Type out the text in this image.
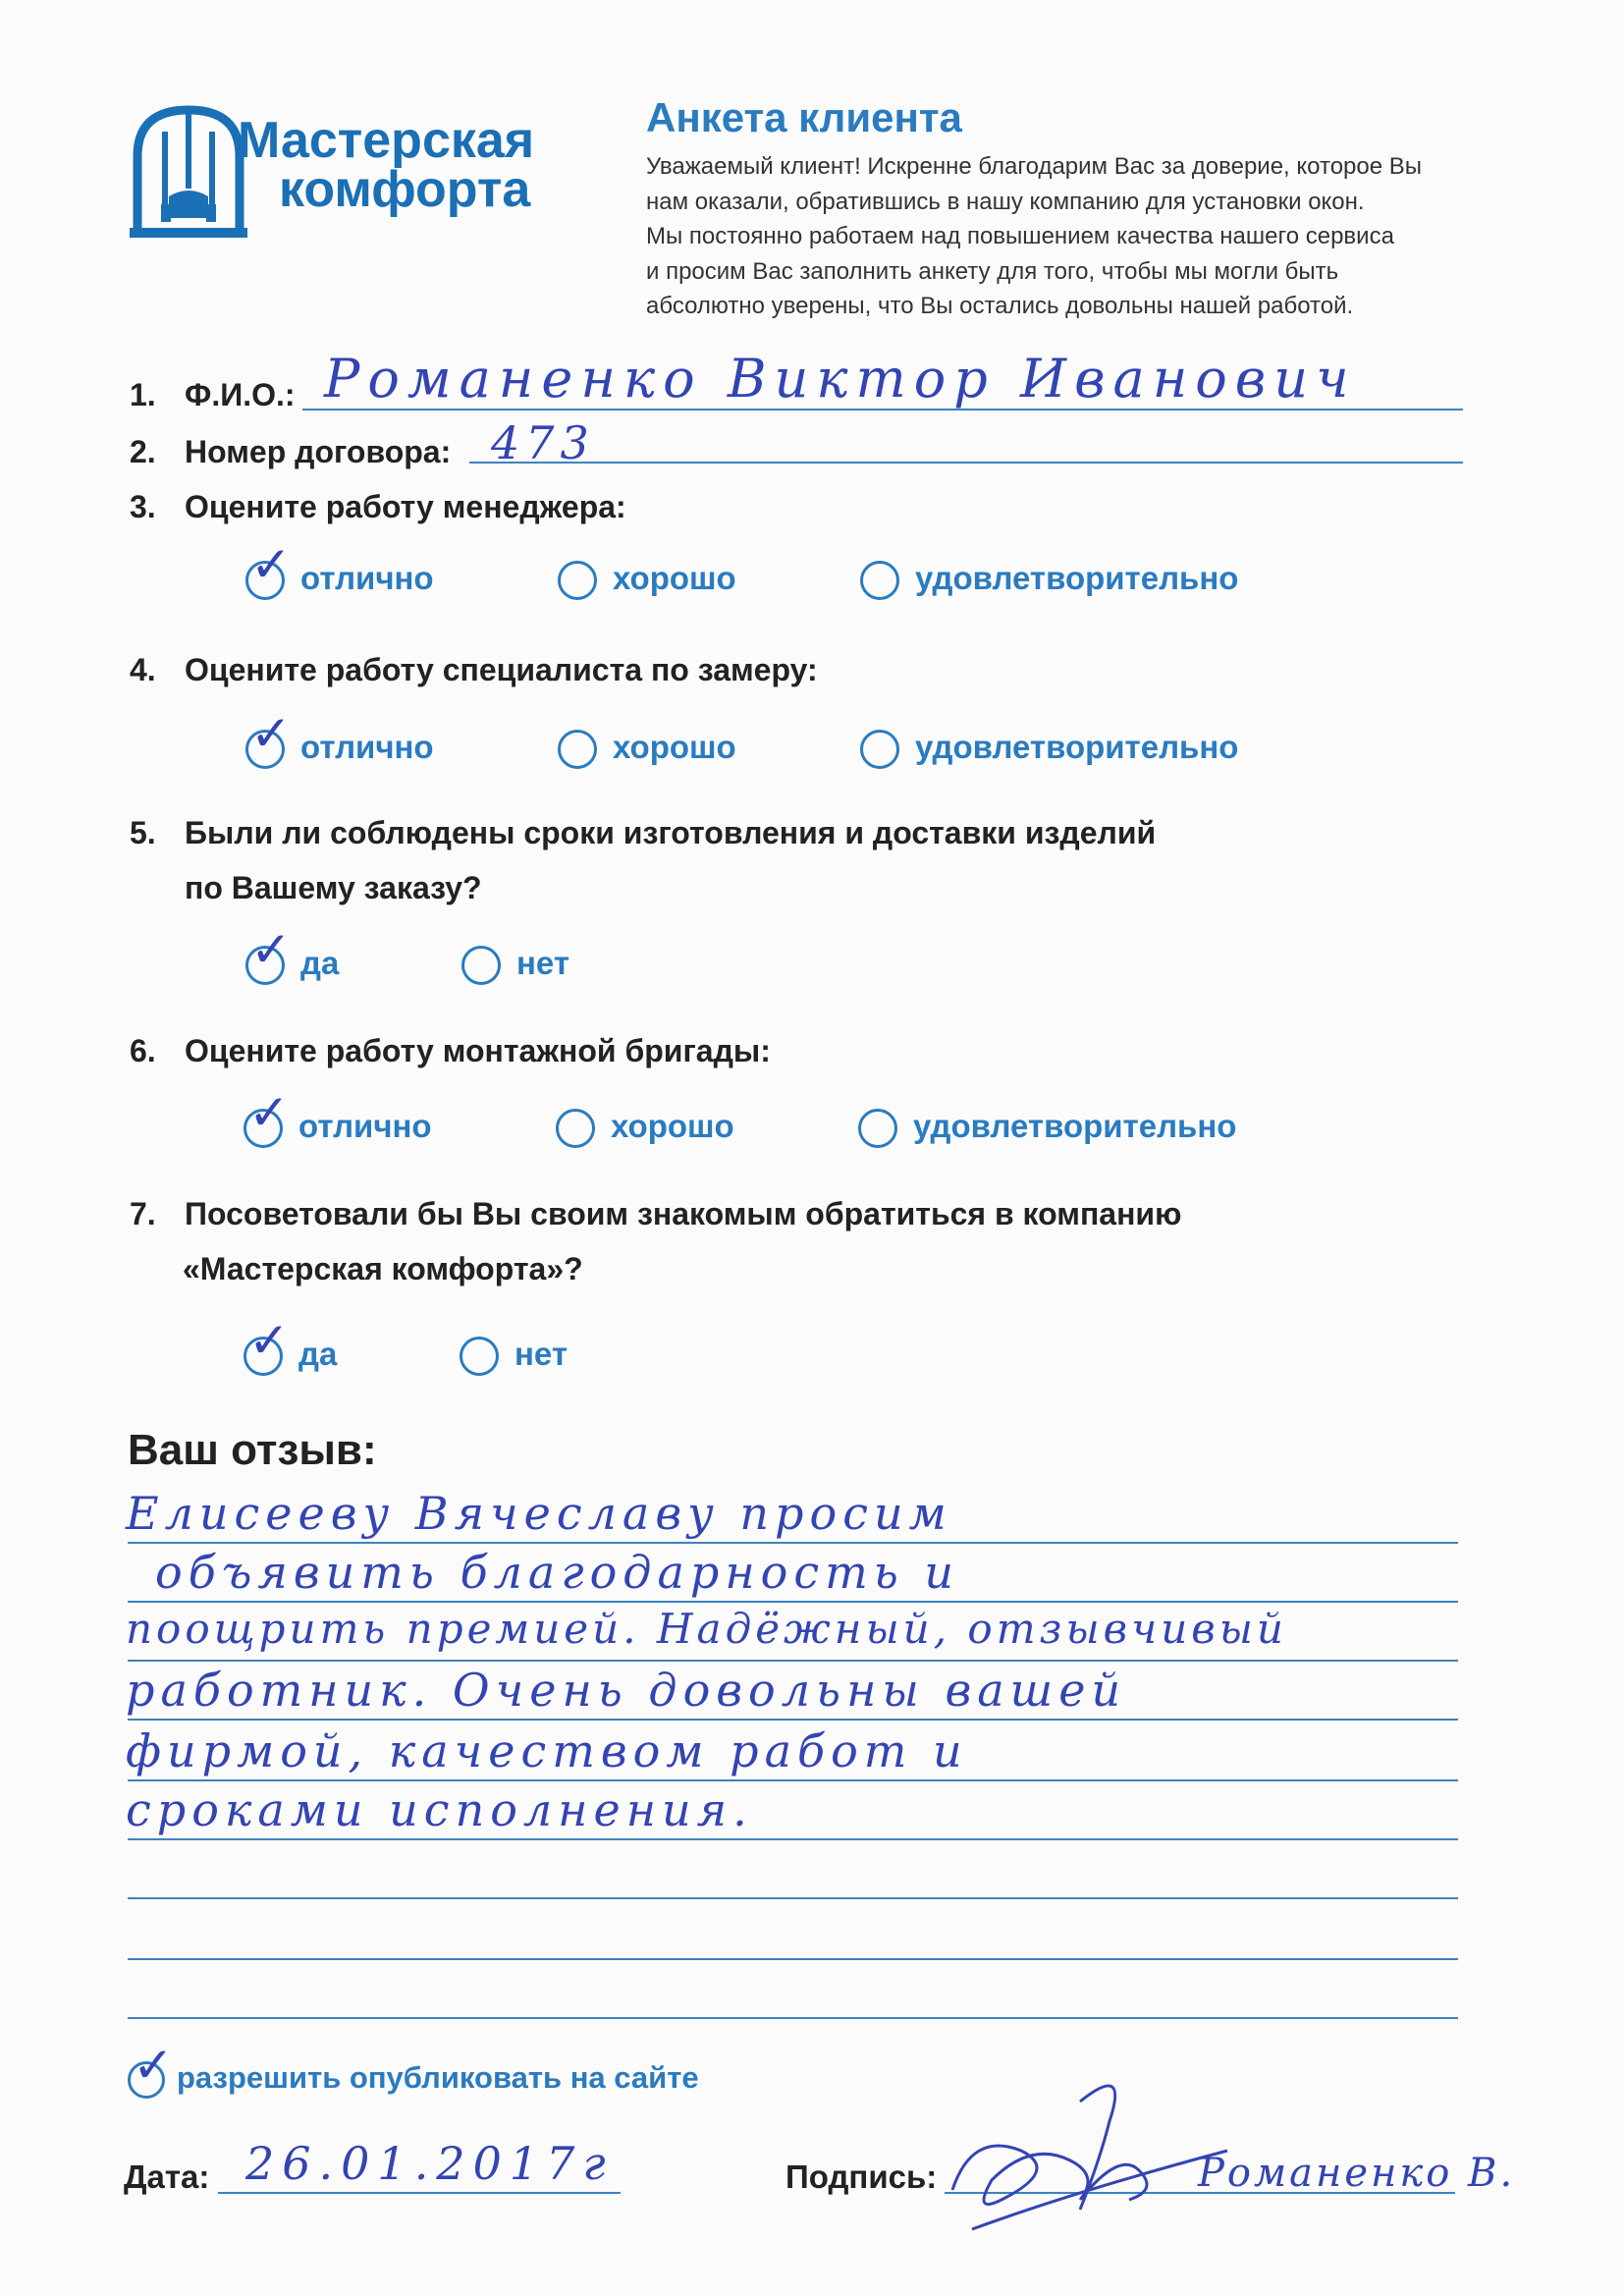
Мастерская
комфорта
Анкета клиента
Уважаемый клиент! Искренне благодарим Вас за доверие, которое Вы
нам оказали, обратившись в нашу компанию для установки окон.
Мы постоянно работаем над повышением качества нашего сервиса
и просим Вас заполнить анкету для того, чтобы мы могли быть
абсолютно уверены, что Вы остались довольны нашей работой.
1. Ф.И.О.: Романенко Виктор Иванович
2. Номер договора: 473
3. Оцените работу менеджера:
✓ отлично	хорошо	удовлетворительно
4. Оцените работу специалиста по замеру:
✓ отлично	хорошо	удовлетворительно
5. Были ли соблюдены сроки изготовления и доставки изделий
по Вашему заказу?
✓ да	нет
6. Оцените работу монтажной бригады:
✓ отлично	хорошо	удовлетворительно
7. Посоветовали бы Вы своим знакомым обратиться в компанию
«Мастерская комфорта»?
✓ да	нет
Ваш отзыв:
Елисееву Вячеславу просим
объявить благодарность и
поощрить премией. Надёжный, отзывчивый
работник. Очень довольны вашей
фирмой, качеством работ и
сроками исполнения.
✓ разрешить опубликовать на сайте
Дата: 26.01.2017г	Подпись:	Романенко В.
